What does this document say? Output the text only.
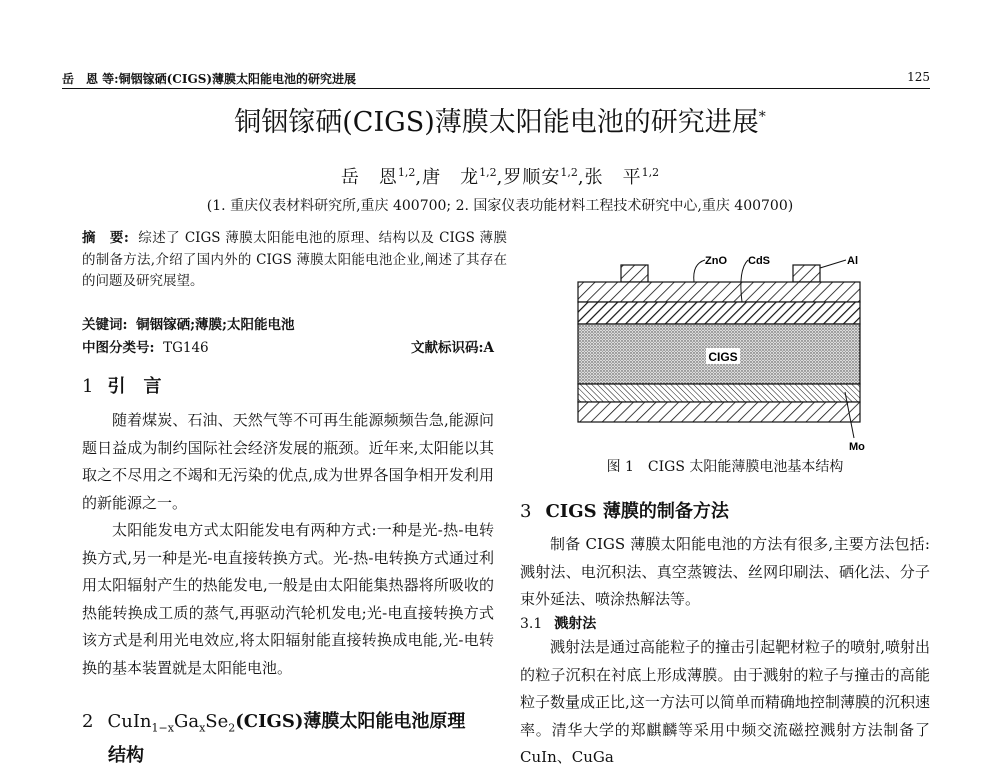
岳　恩 等:铜铟镓硒(CIGS)薄膜太阳能电池的研究进展	125
铜铟镓硒(CIGS)薄膜太阳能电池的研究进展*
岳　恩$^{1,2}$,唐　龙$^{1,2}$,罗顺安$^{1,2}$,张　平$^{1,2}$
(1. 重庆仪表材料研究所,重庆 400700; 2. 国家仪表功能材料工程技术研究中心,重庆 400700)
摘　要: 综述了 CIGS 薄膜太阳能电池的原理、结构以及 CIGS 薄膜的制备方法,介绍了国内外的 CIGS 薄膜太阳能电池企业,阐述了其存在的问题及研究展望。
关键词: 铜铟镓硒;薄膜;太阳能电池
中图分类号: TG146	文献标识码:A
1 引　言
随着煤炭、石油、天然气等不可再生能源频频告急,能源问题日益成为制约国际社会经济发展的瓶颈。近年来,太阳能以其取之不尽用之不竭和无污染的优点,成为世界各国争相开发利用的新能源之一。
太阳能发电方式太阳能发电有两种方式:一种是光-热-电转换方式,另一种是光-电直接转换方式。光-热-电转换方式通过利用太阳辐射产生的热能发电,一般是由太阳能集热器将所吸收的热能转换成工质的蒸气,再驱动汽轮机发电;光-电直接转换方式该方式是利用光电效应,将太阳辐射能直接转换成电能,光-电转换的基本装置就是太阳能电池。
2 $CuIn_{1-x}Ga_xSe_2(CIGS)$薄膜太阳能电池原理
结构
CIGS
ZnO CdS	Al
Mo
图 1　CIGS 太阳能薄膜电池基本结构
3 CIGS 薄膜的制备方法
制备 CIGS 薄膜太阳能电池的方法有很多,主要方法包括:溅射法、电沉积法、真空蒸镀法、丝网印刷法、硒化法、分子束外延法、喷涂热解法等。
3.1 溅射法
溅射法是通过高能粒子的撞击引起靶材粒子的喷射,喷射出的粒子沉积在衬底上形成薄膜。由于溅射的粒子与撞击的高能粒子数量成正比,这一方法可以简单而精确地控制薄膜的沉积速率。清华大学的郑麒麟等采用中频交流磁控溅射方法制备了 CuIn、CuGa
